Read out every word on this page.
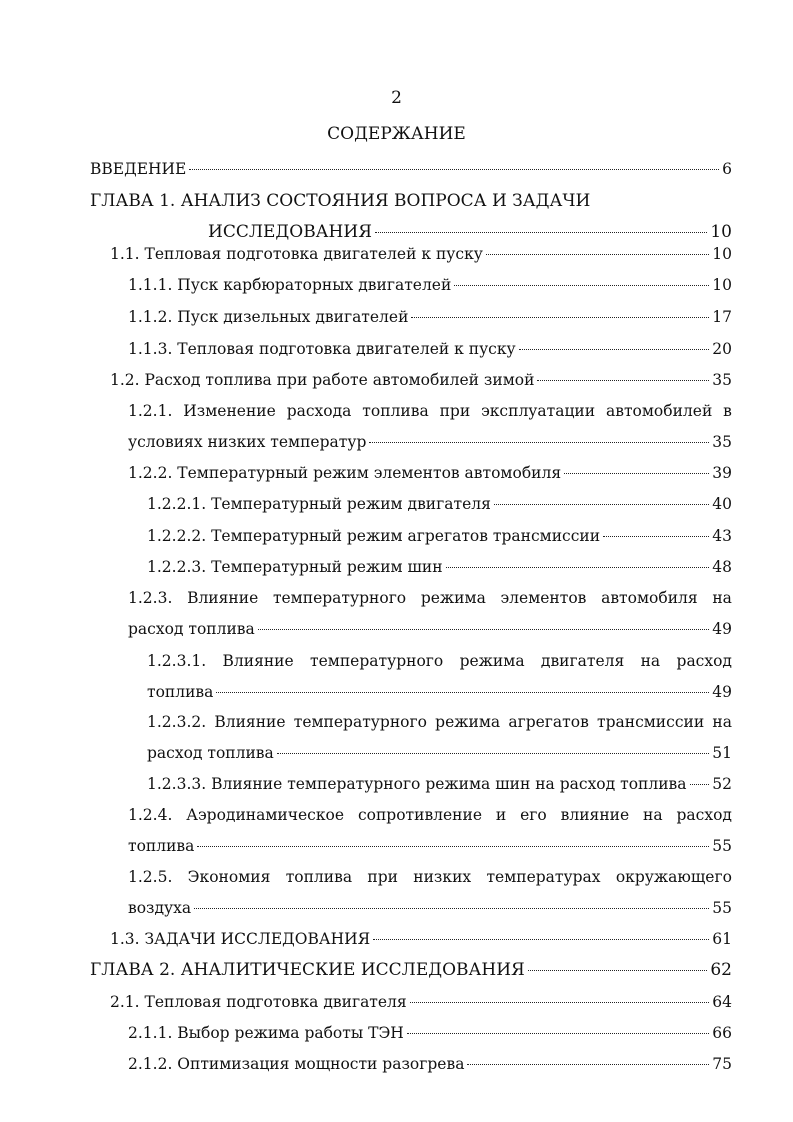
2
СОДЕРЖАНИЕ
ВВЕДЕНИЕ	6
ГЛАВА 1. АНАЛИЗ СОСТОЯНИЯ ВОПРОСА И ЗАДАЧИ
ИССЛЕДОВАНИЯ	10
1.1. Тепловая подготовка двигателей к пуску	10
1.1.1. Пуск карбюраторных двигателей	10
1.1.2. Пуск дизельных двигателей	17
1.1.3. Тепловая подготовка двигателей к пуску	20
1.2. Расход топлива при работе автомобилей зимой	35
1.2.1. Изменение расхода топлива при эксплуатации автомобилей в
условиях низких температур	35
1.2.2. Температурный режим элементов автомобиля	39
1.2.2.1. Температурный режим двигателя	40
1.2.2.2. Температурный режим агрегатов трансмиссии	43
1.2.2.3. Температурный режим шин	48
1.2.3. Влияние температурного режима элементов автомобиля на
расход топлива	49
1.2.3.1. Влияние температурного режима двигателя на расход
топлива	49
1.2.3.2. Влияние температурного режима агрегатов трансмиссии на
расход топлива	51
1.2.3.3. Влияние температурного режима шин на расход топлива 52
1.2.4. Аэродинамическое сопротивление и его влияние на расход
топлива	55
1.2.5. Экономия топлива при низких температурах окружающего
воздуха	55
1.3. ЗАДАЧИ ИССЛЕДОВАНИЯ	61
ГЛАВА 2. АНАЛИТИЧЕСКИЕ ИССЛЕДОВАНИЯ	62
2.1. Тепловая подготовка двигателя	64
2.1.1. Выбор режима работы ТЭН	66
2.1.2. Оптимизация мощности разогрева	75
